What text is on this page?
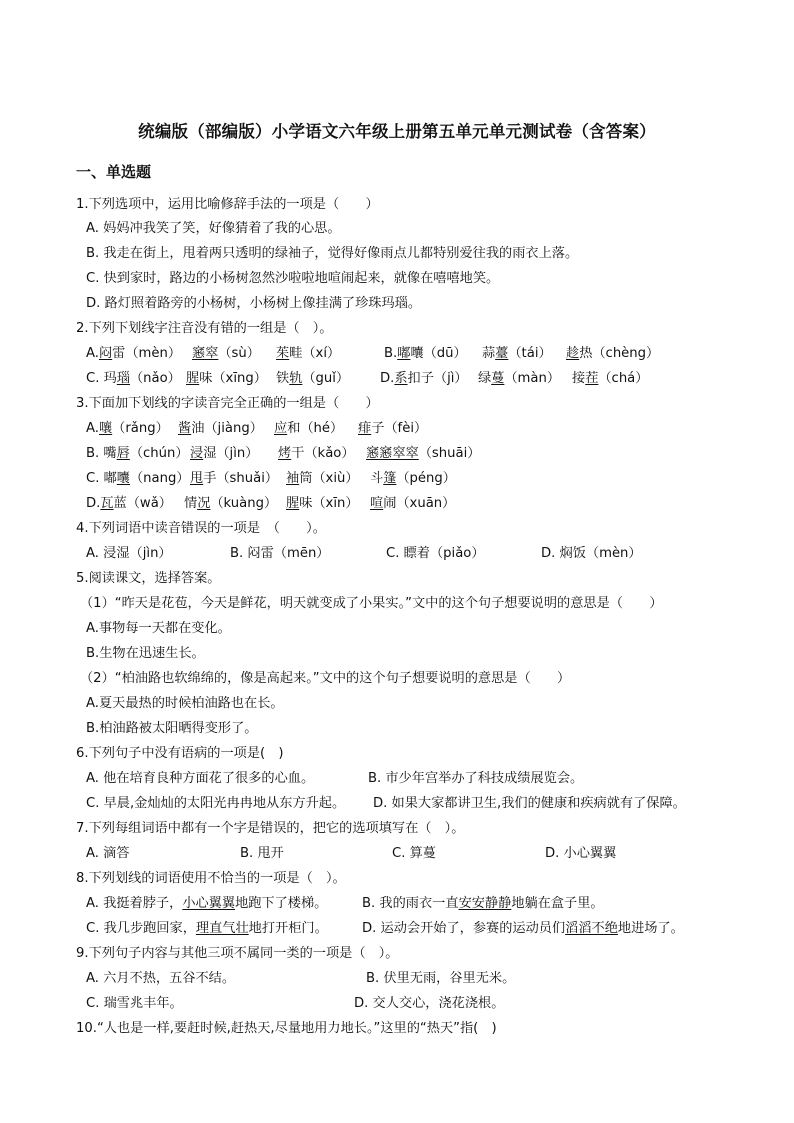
统编版（部编版）小学语文六年级上册第五单元单元测试卷（含答案）
一、单选题
1.下列选项中，运用比喻修辞手法的一项是（　　）
A. 妈妈冲我笑了笑，好像猜着了我的心思。
B. 我走在街上，甩着两只透明的绿袖子，觉得好像雨点儿都特别爱往我的雨衣上落。
C. 快到家时，路边的小杨树忽然沙啦啦地喧闹起来，就像在嘻嘻地笑。
D. 路灯照着路旁的小杨树，小杨树上像挂满了珍珠玛瑙。
2.下列下划线字注音没有错的一组是（　）。
A.闷雷（mèn） 窸窣（sù） 茱畦（xí）	B.嘟囔（dū） 蒜薹（tái） 趁热（chèng）
C. 玛瑙（nǎo） 腥味（xīng） 铁轨（guǐ） D.系扣子（jì） 绿蔓（màn） 接茬（chá）
3.下面加下划线的字读音完全正确的一组是（　　）
A.嚷（rǎng） 酱油（jiàng） 应和（hé） 痱子（fèi）
B. 嘴唇（chún） 浸湿（jìn） 烤干（kǎo） 窸窸窣窣（shuāi）
C. 嘟囔（nang） 甩手（shuǎi） 袖筒（xiù） 斗篷（péng）
D.瓦蓝（wǎ） 情况（kuàng） 腥味（xīn） 喧闹（xuān）
4.下列词语中读音错误的一项是　（　　）。
A. 浸湿（jìn）	B. 闷雷（mēn）	C. 瞟着（piǎo）	D. 焖饭（mèn）
5.阅读课文，选择答案。
（1）“昨天是花苞，今天是鲜花，明天就变成了小果实。”文中的这个句子想要说明的意思是（　　）
A.事物每一天都在变化。
B.生物在迅速生长。
（2）“柏油路也软绵绵的，像是高起来。”文中的这个句子想要说明的意思是（　　）
A.夏天最热的时候柏油路也在长。
B.柏油路被太阳晒得变形了。
6.下列句子中没有语病的一项是(　)
A. 他在培育良种方面花了很多的心血。	B. 市少年宫举办了科技成绩展览会。
C. 早晨,金灿灿的太阳光冉冉地从东方升起。 D. 如果大家都讲卫生,我们的健康和疾病就有了保障。
7.下列每组词语中都有一个字是错误的，把它的选项填写在（　）。
A. 滴答	B. 甩开	C. 算蔓	D. 小心翼翼
8.下列划线的词语使用不恰当的一项是（　）。
A. 我挺着脖子，小心翼翼地跑下了楼梯。	B. 我的雨衣一直安安静静地躺在盒子里。
C. 我几步跑回家，理直气壮地打开柜门。	D. 运动会开始了，参赛的运动员们滔滔不绝地进场了。
9.下列句子内容与其他三项不属同一类的一项是（　）。
A. 六月不热，五谷不结。	B. 伏里无雨，谷里无米。
C. 瑞雪兆丰年。	D. 交人交心，浇花浇根。
10.“人也是一样,要赶时候,赶热天,尽量地用力地长。”这里的“热天”指(　)
